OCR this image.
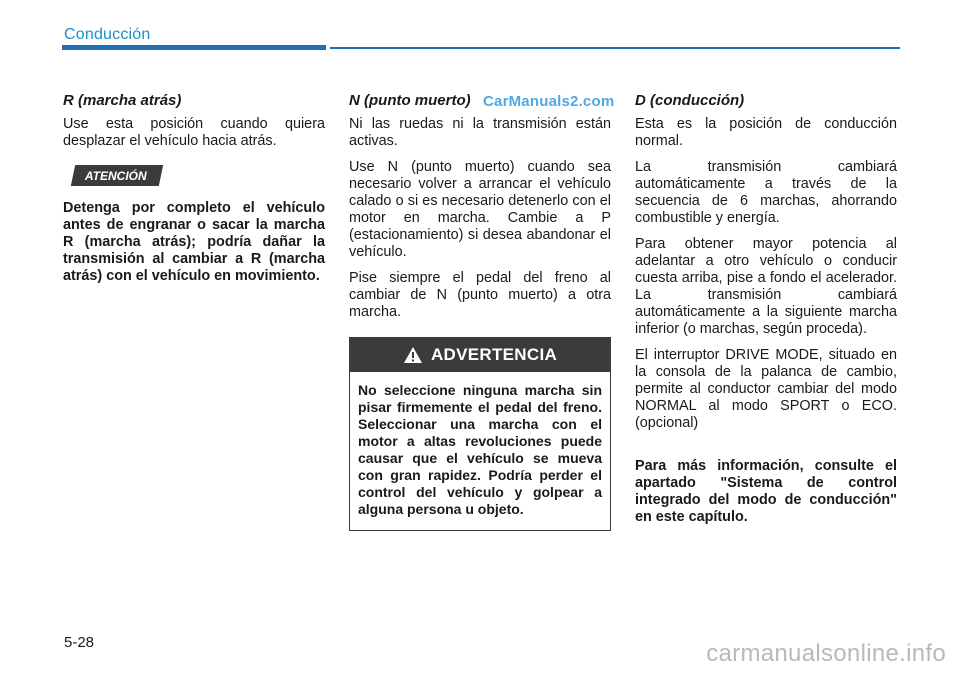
Conducción
R (marcha atrás)

Use esta posición cuando quiera desplazar el vehículo hacia atrás.

ATENCIÓN

Detenga por completo el vehículo antes de engranar o sacar la marcha R (marcha atrás); podría dañar la transmisión al cambiar a R (marcha atrás) con el vehículo en movimiento.

N (punto muerto)

Ni las ruedas ni la transmisión están activas.

Use N (punto muerto) cuando sea necesario volver a arrancar el vehículo calado o si es necesario detenerlo con el motor en marcha. Cambie a P (estacionamiento) si desea abandonar el vehículo.

Pise siempre el pedal del freno al cambiar de N (punto muerto) a otra marcha.

ADVERTENCIA

No seleccione ninguna marcha sin pisar firmemente el pedal del freno. Seleccionar una marcha con el motor a altas revoluciones puede causar que el vehículo se mueva con gran rapidez. Podría perder el control del vehículo y golpear a alguna persona u objeto.

D (conducción)

Esta es la posición de conducción normal.

La transmisión cambiará automáticamente a través de la secuencia de 6 marchas, ahorrando combustible y energía.

Para obtener mayor potencia al adelantar a otro vehículo o conducir cuesta arriba, pise a fondo el acelerador. La transmisión cambiará automáticamente a la siguiente marcha inferior (o marchas, según proceda).

El interruptor DRIVE MODE, situado en la consola de la palanca de cambio, permite al conductor cambiar del modo NORMAL al modo SPORT o ECO. (opcional)

Para más información, consulte el apartado "Sistema de control integrado del modo de conducción" en este capítulo.

CarManuals2.com
5-28	carmanualsonline.info
